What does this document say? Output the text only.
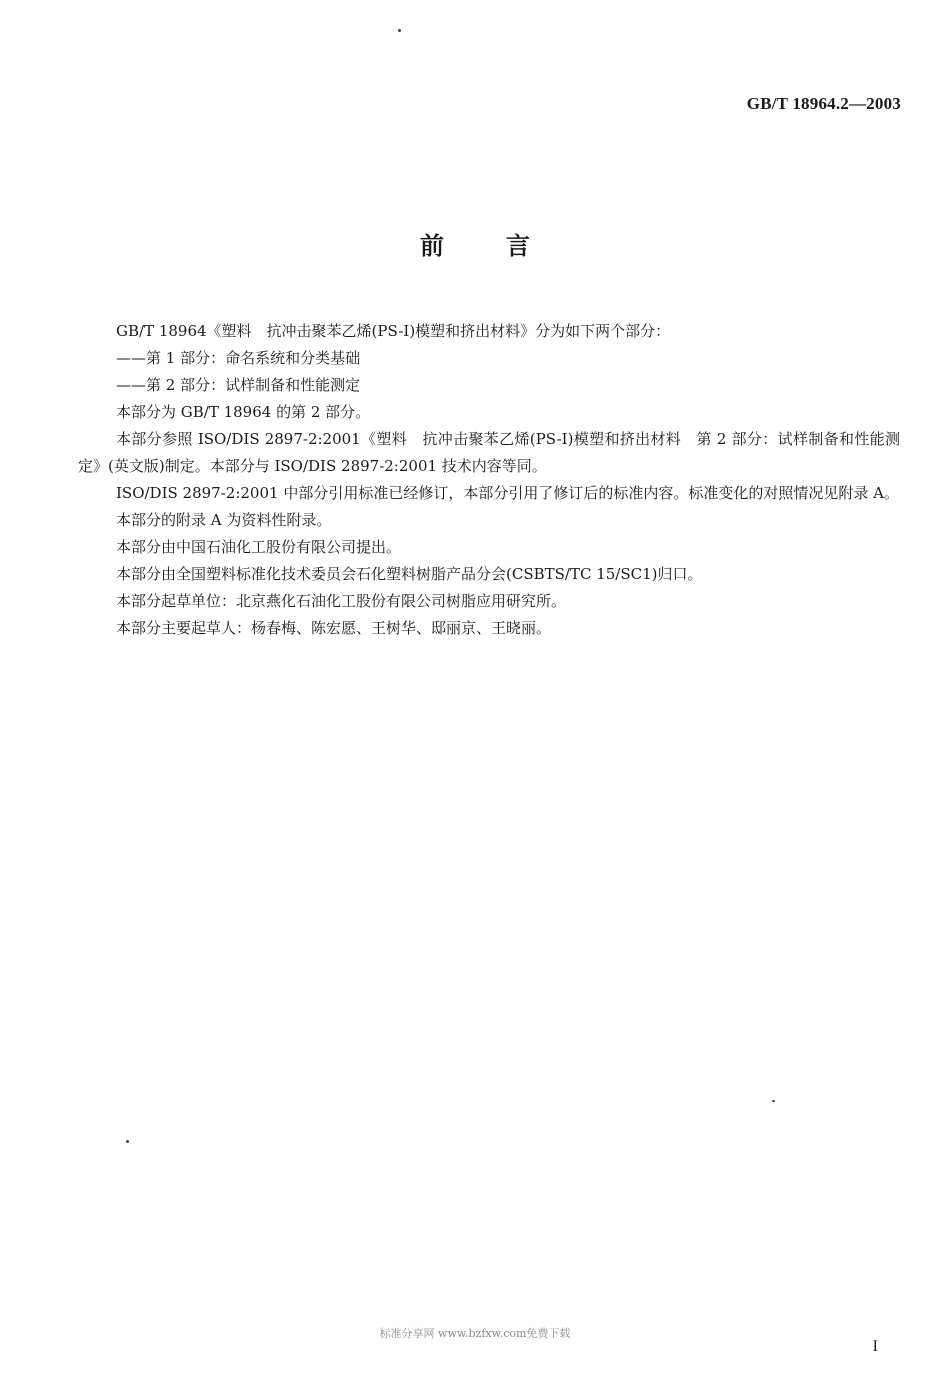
GB/T 18964.2—2003
前言

GB/T 18964《塑料　抗冲击聚苯乙烯(PS-I)模塑和挤出材料》分为如下两个部分：

——第 1 部分：命名系统和分类基础

——第 2 部分：试样制备和性能测定

本部分为 GB/T 18964 的第 2 部分。

本部分参照 ISO/DIS 2897-2:2001《塑料　抗冲击聚苯乙烯(PS-I)模塑和挤出材料　第 2 部分：试样制备和性能测定》(英文版)制定。本部分与 ISO/DIS 2897-2:2001 技术内容等同。

ISO/DIS 2897-2:2001 中部分引用标准已经修订，本部分引用了修订后的标准内容。标准变化的对照情况见附录 A。

本部分的附录 A 为资料性附录。

本部分由中国石油化工股份有限公司提出。

本部分由全国塑料标准化技术委员会石化塑料树脂产品分会(CSBTS/TC 15/SC1)归口。

本部分起草单位：北京燕化石油化工股份有限公司树脂应用研究所。

本部分主要起草人：杨春梅、陈宏愿、王树华、邸丽京、王晓丽。

标准分享网 www.bzfxw.com免费下载
I
